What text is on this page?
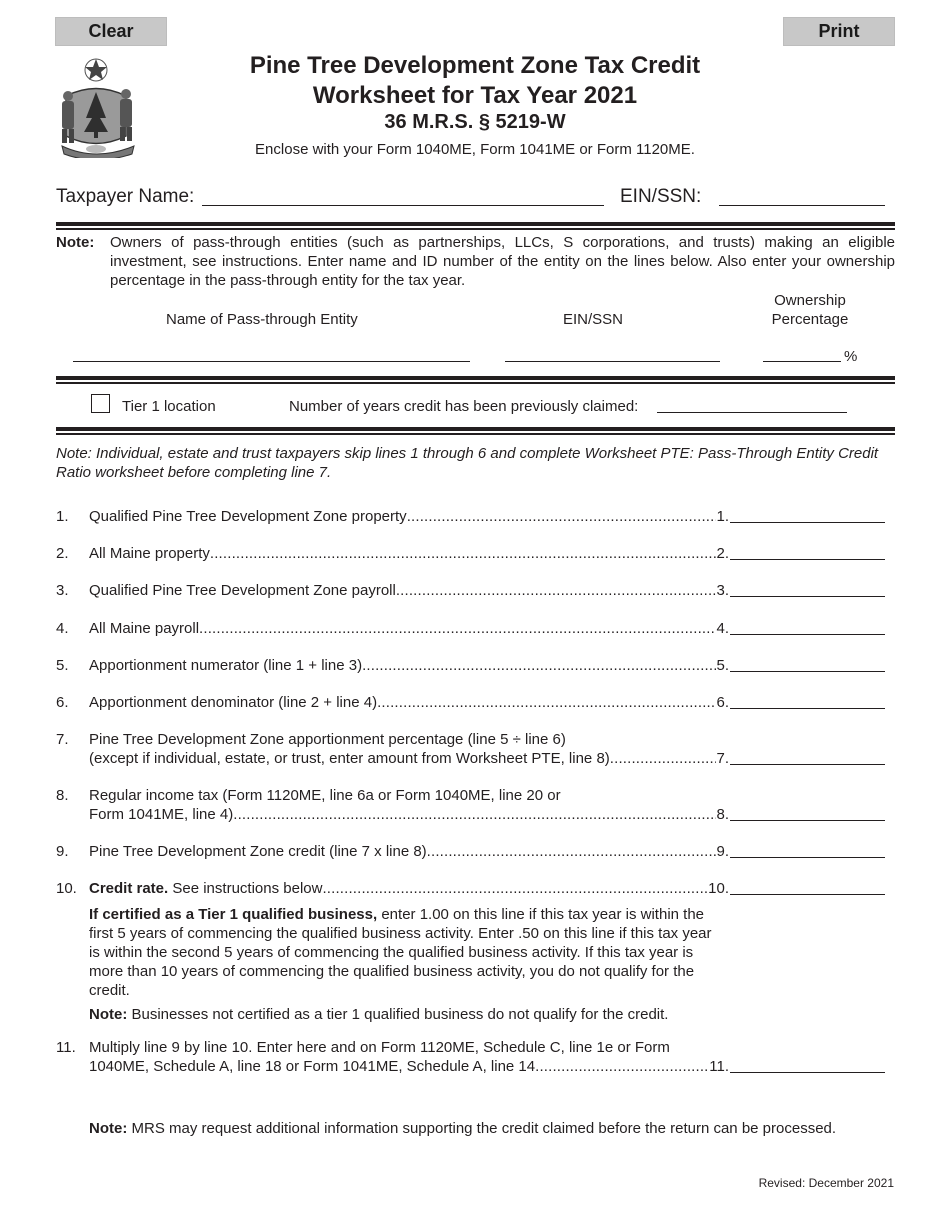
Clear	Print
Pine Tree Development Zone Tax Credit
Worksheet for Tax Year 2021
36 M.R.S. § 5219-W
Enclose with your Form 1040ME, Form 1041ME or Form 1120ME.
Taxpayer Name:	EIN/SSN:
Note: Owners of pass-through entities (such as partnerships, LLCs, S corporations, and trusts) making an eligible investment, see instructions. Enter name and ID number of the entity on the lines below. Also enter your ownership percentage in the pass-through entity for the tax year.
Name of Pass-through Entity	EIN/SSN
Ownership
Percentage
%
Tier 1 location	Number of years credit has been previously claimed:
Note: Individual, estate and trust taxpayers skip lines 1 through 6 and complete Worksheet PTE: Pass-Through Entity Credit Ratio worksheet before completing line 7.
1. Qualified Pine Tree Development Zone property . . .	1.
2. All Maine property . . .	2.
3. Qualified Pine Tree Development Zone payroll . . .	3.
4. All Maine payroll . . .	4.
5. Apportionment numerator (line 1 + line 3) . . .	5.
6. Apportionment denominator (line 2 + line 4) . . .	6.
7. Pine Tree Development Zone apportionment percentage (line 5 ÷ line 6)
(except if individual, estate, or trust, enter amount from Worksheet PTE, line 8) . . .	7.
8. Regular income tax (Form 1120ME, line 6a or Form 1040ME, line 20 or
Form 1041ME, line 4) . . .	8.
9. Pine Tree Development Zone credit (line 7 x line 8) . . .	9.
10. Credit rate. See instructions below . . .	10.
If certified as a Tier 1 qualified business, enter 1.00 on this line if this tax year is within the first 5 years of commencing the qualified business activity. Enter .50 on this line if this tax year is within the second 5 years of commencing the qualified business activity. If this tax year is more than 10 years of commencing the qualified business activity, you do not qualify for the credit.
Note: Businesses not certified as a tier 1 qualified business do not qualify for the credit.
11. Multiply line 9 by line 10. Enter here and on Form 1120ME, Schedule C, line 1e or Form
1040ME, Schedule A, line 18 or Form 1041ME, Schedule A, line 14 . . .	11.
Note: MRS may request additional information supporting the credit claimed before the return can be processed.
Revised: December 2021
